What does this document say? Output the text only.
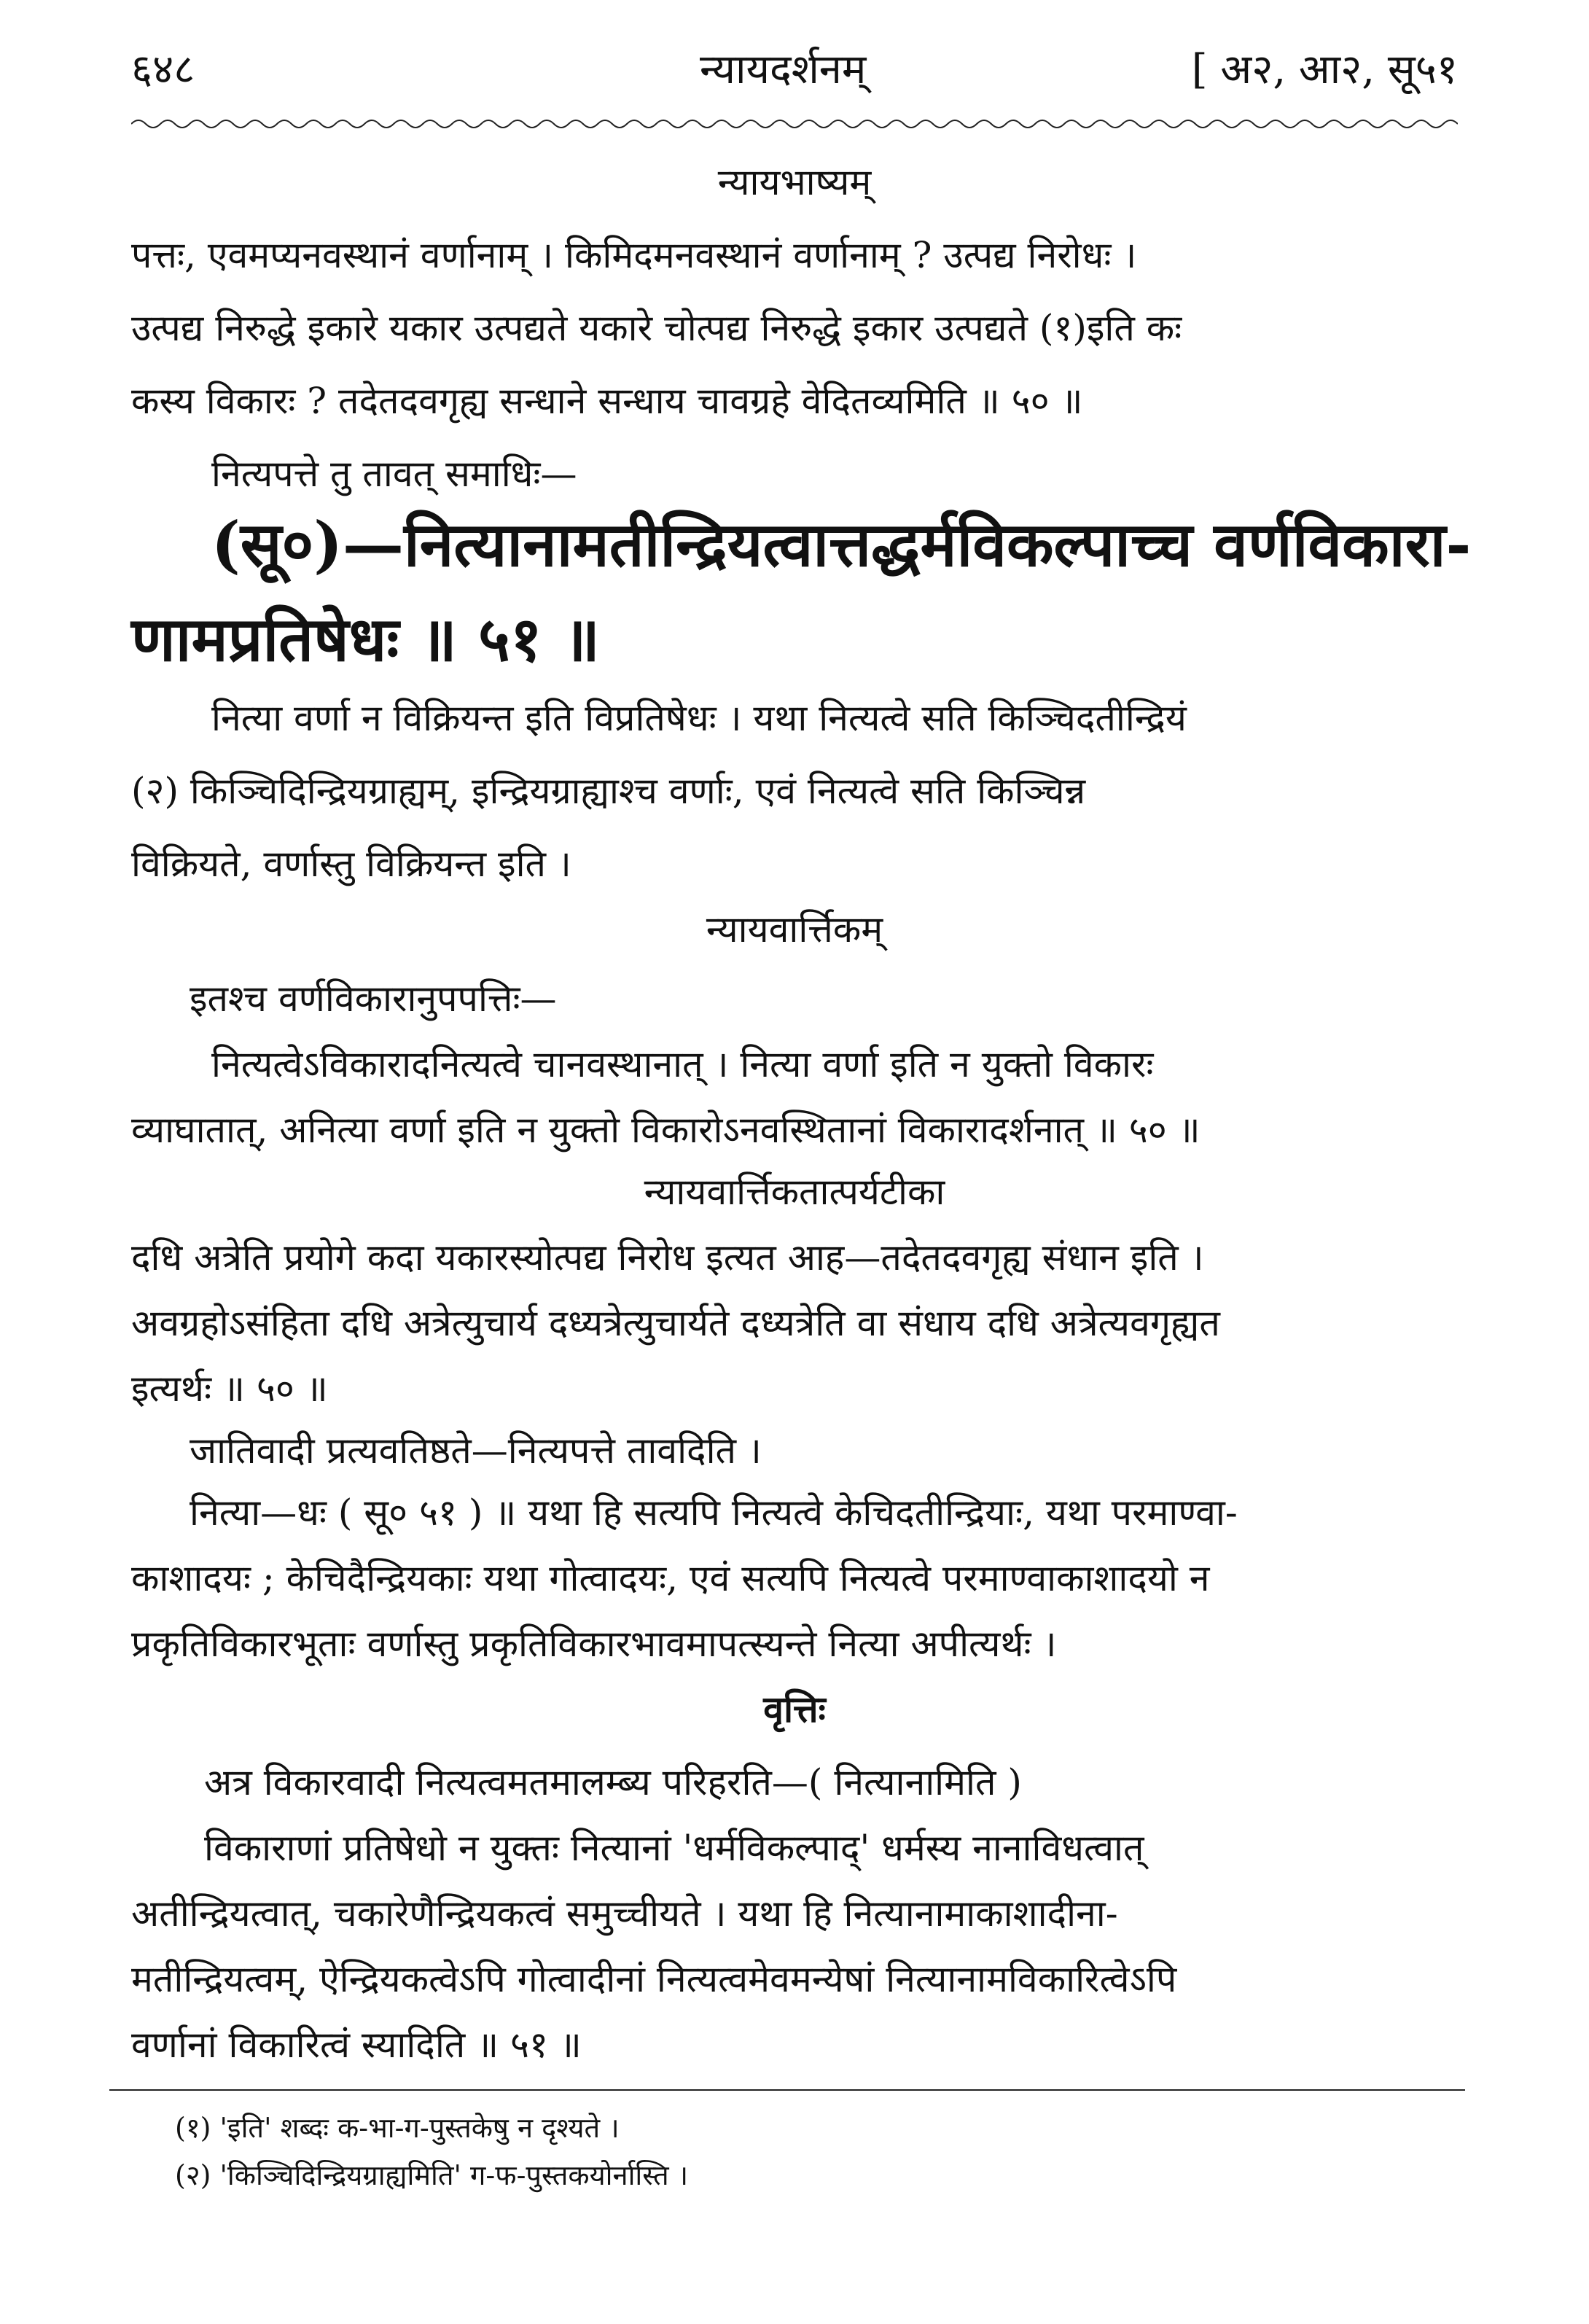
६४८	न्यायदर्शनम्	[ अ२, आ२, सू५१
न्यायभाष्यम्
पत्तः, एवमप्यनवस्थानं वर्णानाम् । किमिदमनवस्थानं वर्णानाम् ? उत्पद्य निरोधः ।
उत्पद्य निरुद्धे इकारे यकार उत्पद्यते यकारे चोत्पद्य निरुद्धे इकार उत्पद्यते (१)इति कः
कस्य विकारः ? तदेतदवगृह्य सन्धाने सन्धाय चावग्रहे वेदितव्यमिति ॥ ५० ॥
नित्यपत्ते तु तावत् समाधिः—
(सू०)—नित्यानामतीन्द्रियत्वात्तद्धर्मविकल्पाच्च वर्णविकारा-
णामप्रतिषेधः ॥ ५१ ॥
नित्या वर्णा न विक्रियन्त इति विप्रतिषेधः । यथा नित्यत्वे सति किञ्चिदतीन्द्रियं
(२) किञ्चिदिन्द्रियग्राह्यम्, इन्द्रियग्राह्याश्च वर्णाः, एवं नित्यत्वे सति किञ्चिन्न
विक्रियते, वर्णास्तु विक्रियन्त इति ।
न्यायवार्त्तिकम्
इतश्च वर्णविकारानुपपत्तिः—
नित्यत्वेऽविकारादनित्यत्वे चानवस्थानात् । नित्या वर्णा इति न युक्तो विकारः
व्याघातात्, अनित्या वर्णा इति न युक्तो विकारोऽनवस्थितानां विकारादर्शनात् ॥ ५० ॥
न्यायवार्त्तिकतात्पर्यटीका
दधि अत्रेति प्रयोगे कदा यकारस्योत्पद्य निरोध इत्यत आह—तदेतदवगृह्य संधान इति ।
अवग्रहोऽसंहिता दधि अत्रेत्युचार्य दध्यत्रेत्युचार्यते दध्यत्रेति वा संधाय दधि अत्रेत्यवगृह्यत
इत्यर्थः ॥ ५० ॥
जातिवादी प्रत्यवतिष्ठते—नित्यपत्ते तावदिति ।
नित्या—धः ( सू० ५१ ) ॥ यथा हि सत्यपि नित्यत्वे केचिदतीन्द्रियाः, यथा परमाण्वा-
काशादयः ; केचिदैन्द्रियकाः यथा गोत्वादयः, एवं सत्यपि नित्यत्वे परमाण्वाकाशादयो न
प्रकृतिविकारभूताः वर्णास्तु प्रकृतिविकारभावमापत्स्यन्ते नित्या अपीत्यर्थः ।
वृत्तिः
अत्र विकारवादी नित्यत्वमतमालम्ब्य परिहरति—( नित्यानामिति )
विकाराणां प्रतिषेधो न युक्तः नित्यानां 'धर्मविकल्पाद्' धर्मस्य नानाविधत्वात्
अतीन्द्रियत्वात्, चकारेणैन्द्रियकत्वं समुच्चीयते । यथा हि नित्यानामाकाशादीना-
मतीन्द्रियत्वम्, ऐन्द्रियकत्वेऽपि गोत्वादीनां नित्यत्वमेवमन्येषां नित्यानामविकारित्वेऽपि
वर्णानां विकारित्वं स्यादिति ॥ ५१ ॥
(१) 'इति' शब्दः क-भा-ग-पुस्तकेषु न दृश्यते ।
(२) 'किञ्चिदिन्द्रियग्राह्यमिति' ग-फ-पुस्तकयोर्नास्ति ।
